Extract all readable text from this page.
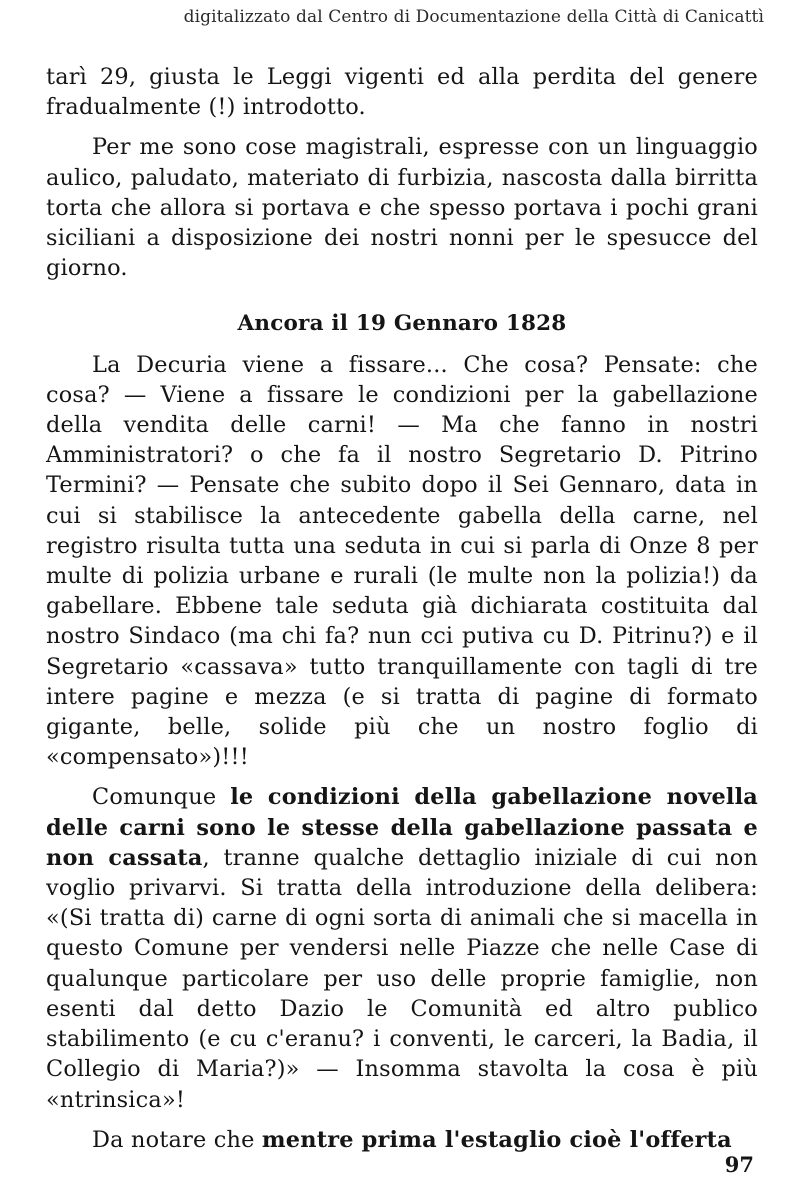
digitalizzato dal Centro di Documentazione della Città di Canicattì

tarì 29, giusta le Leggi vigenti ed alla perdita del genere fradualmente (!) introdotto.

Per me sono cose magistrali, espresse con un linguaggio aulico, paludato, materiato di furbizia, nascosta dalla birritta torta che allora si portava e che spesso portava i pochi grani siciliani a disposizione dei nostri nonni per le spesucce del giorno.

Ancora il 19 Gennaro 1828

La Decuria viene a fissare... Che cosa? Pensate: che cosa? — Viene a fissare le condizioni per la gabellazione della vendita delle carni! — Ma che fanno in nostri Amministratori? o che fa il nostro Segretario D. Pitrino Termini? — Pensate che subito dopo il Sei Gennaro, data in cui si stabilisce la antecedente gabella della carne, nel registro risulta tutta una seduta in cui si parla di Onze 8 per multe di polizia urbane e rurali (le multe non la polizia!) da gabellare. Ebbene tale seduta già dichiarata costituita dal nostro Sindaco (ma chi fa? nun cci putiva cu D. Pitrinu?) e il Segretario «cassava» tutto tranquillamente con tagli di tre intere pagine e mezza (e si tratta di pagine di formato gigante, belle, solide più che un nostro foglio di «compensato»)!!!

Comunque le condizioni della gabellazione novella delle carni sono le stesse della gabellazione passata e non cassata, tranne qualche dettaglio iniziale di cui non voglio privarvi. Si tratta della introduzione della delibera: «(Si tratta di) carne di ogni sorta di animali che si macella in questo Comune per vendersi nelle Piazze che nelle Case di qualunque particolare per uso delle proprie famiglie, non esenti dal detto Dazio le Comunità ed altro publico stabilimento (e cu c'eranu? i conventi, le carceri, la Badia, il Collegio di Maria?)» — Insomma stavolta la cosa è più «ntrinsica»!

Da notare che mentre prima l'estaglio cioè l'offerta

97
